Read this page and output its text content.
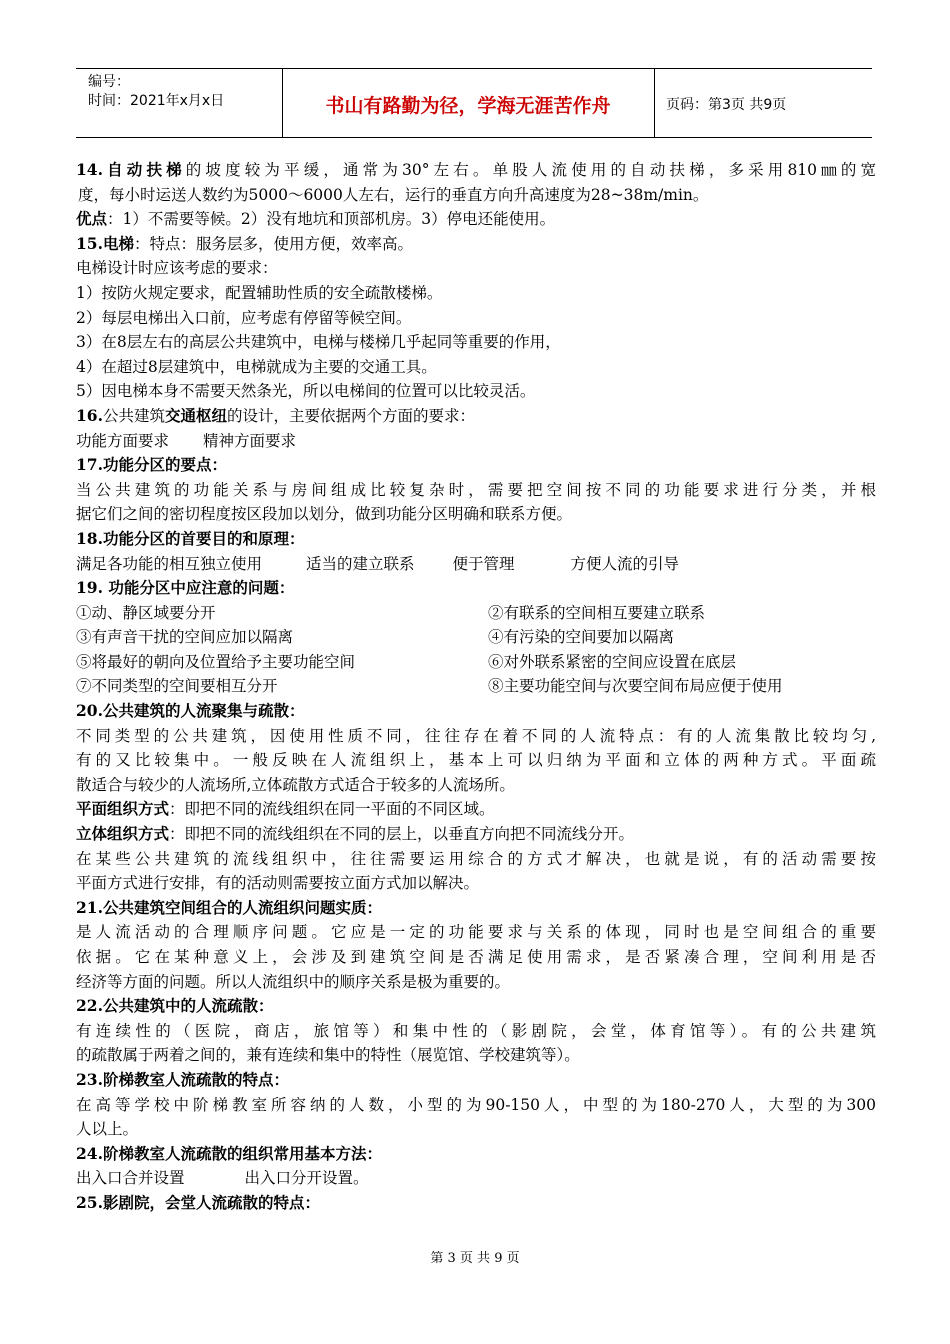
编号：
时间：2021年x月x日	书山有路勤为径，学海无涯苦作舟	页码：第3页 共9页
14.自动扶梯的坡度较为平缓，通常为30°左右。单股人流使用的自动扶梯，多采用810㎜的宽
度，每小时运送人数约为5000～6000人左右，运行的垂直方向升高速度为28~38m/min。
优点：1）不需要等候。2）没有地坑和顶部机房。3）停电还能使用。
15.电梯：特点：服务层多，使用方便，效率高。
电梯设计时应该考虑的要求：
1）按防火规定要求，配置辅助性质的安全疏散楼梯。
2）每层电梯出入口前，应考虑有停留等候空间。
3）在8层左右的高层公共建筑中，电梯与楼梯几乎起同等重要的作用，
4）在超过8层建筑中，电梯就成为主要的交通工具。
5）因电梯本身不需要天然条光，所以电梯间的位置可以比较灵活。
16.公共建筑交通枢纽的设计，主要依据两个方面的要求：
功能方面要求 精神方面要求
17.功能分区的要点：
当公共建筑的功能关系与房间组成比较复杂时，需要把空间按不同的功能要求进行分类，并根
据它们之间的密切程度按区段加以划分，做到功能分区明确和联系方便。
18.功能分区的首要目的和原理：
满足各功能的相互独立使用	适当的建立联系 便于管理	方便人流的引导
19. 功能分区中应注意的问题：
①动、静区域要分开	②有联系的空间相互要建立联系
③有声音干扰的空间应加以隔离	④有污染的空间要加以隔离
⑤将最好的朝向及位置给予主要功能空间	⑥对外联系紧密的空间应设置在底层
⑦不同类型的空间要相互分开	⑧主要功能空间与次要空间布局应便于使用
20.公共建筑的人流聚集与疏散：
不同类型的公共建筑，因使用性质不同，往往存在着不同的人流特点：有的人流集散比较均匀,
有的又比较集中。一般反映在人流组织上，基本上可以归纳为平面和立体的两种方式。平面疏
散适合与较少的人流场所,立体疏散方式适合于较多的人流场所。
平面组织方式：即把不同的流线组织在同一平面的不同区域。
立体组织方式：即把不同的流线组织在不同的层上，以垂直方向把不同流线分开。
在某些公共建筑的流线组织中，往往需要运用综合的方式才解决，也就是说，有的活动需要按
平面方式进行安排，有的活动则需要按立面方式加以解决。
21.公共建筑空间组合的人流组织问题实质：
是人流活动的合理顺序问题。它应是一定的功能要求与关系的体现，同时也是空间组合的重要
依据。它在某种意义上，会涉及到建筑空间是否满足使用需求，是否紧凑合理，空间利用是否
经济等方面的问题。所以人流组织中的顺序关系是极为重要的。
22.公共建筑中的人流疏散：
有连续性的（医院，商店，旅馆等）和集中性的（影剧院，会堂，体育馆等）。有的公共建筑
的疏散属于两着之间的，兼有连续和集中的特性（展览馆、学校建筑等）。
23.阶梯教室人流疏散的特点：
在高等学校中阶梯教室所容纳的人数，小型的为90-150人，中型的为180-270人，大型的为300
人以上。
24.阶梯教室人流疏散的组织常用基本方法：
出入口合并设置	出入口分开设置。
25.影剧院，会堂人流疏散的特点：
第 3 页 共 9 页
